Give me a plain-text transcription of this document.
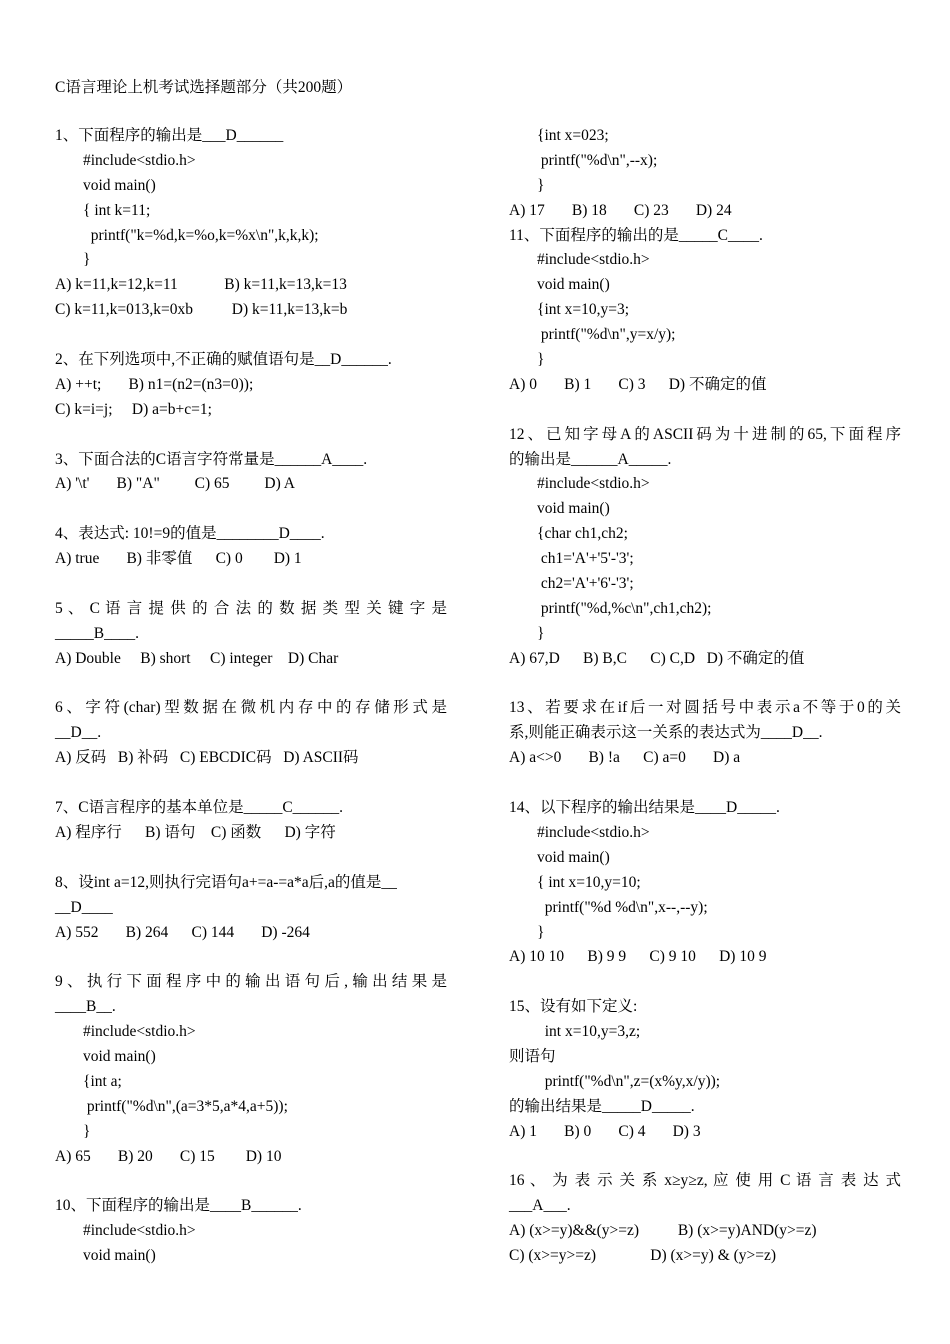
C语言理论上机考试选择题部分（共200题）
1、下面程序的输出是___D______
#include<stdio.h>
void main()
{ int k=11;
printf("k=%d,k=%o,k=%x\n",k,k,k);
}
A) k=11,k=12,k=11            B) k=11,k=13,k=13
C) k=11,k=013,k=0xb          D) k=11,k=13,k=b
2、在下列选项中,不正确的赋值语句是__D______.
A) ++t;       B) n1=(n2=(n3=0));
C) k=i=j;     D) a=b+c=1;
3、下面合法的C语言字符常量是______A____.
A) '\t'       B) "A"         C) 65         D) A
4、表达式: 10!=9的值是________D____.
A) true       B) 非零值      C) 0        D) 1
5 、 C 语 言 提 供 的 合 法 的 数 据 类 型 关 键 字 是
_____B____.
A) Double     B) short     C) integer    D) Char
6、字符(char)型数据在微机内存中的存储形式是
__D__.
A) 反码   B) 补码   C) EBCDIC码   D) ASCII码
7、C语言程序的基本单位是_____C______.
A) 程序行      B) 语句    C) 函数      D) 字符
8、设int a=12,则执行完语句a+=a-=a*a后,a的值是__
__D____
A) 552       B) 264      C) 144       D) -264
9、执行下面程序中的输出语句后,输出结果是
____B__.
#include<stdio.h>
void main()
{int a;
printf("%d\n",(a=3*5,a*4,a+5));
}
A) 65       B) 20       C) 15        D) 10
10、下面程序的输出是____B______.
#include<stdio.h>
void main()
{int x=023;
printf("%d\n",--x);
}
A) 17       B) 18       C) 23       D) 24
11、下面程序的输出的是_____C____.
#include<stdio.h>
void main()
{int x=10,y=3;
printf("%d\n",y=x/y);
}
A) 0       B) 1       C) 3      D) 不确定的值
12、已知字母A的ASCII码为十进制的65,下面程序
的输出是______A_____.
#include<stdio.h>
void main()
{char ch1,ch2;
ch1='A'+'5'-'3';
ch2='A'+'6'-'3';
printf("%d,%c\n",ch1,ch2);
}
A) 67,D      B) B,C      C) C,D   D) 不确定的值
13、若要求在if后一对圆括号中表示a不等于0的关
系,则能正确表示这一关系的表达式为____D__.
A) a<>0       B) !a      C) a=0       D) a
14、以下程序的输出结果是____D_____.
#include<stdio.h>
void main()
{ int x=10,y=10;
printf("%d %d\n",x--,--y);
}
A) 10 10      B) 9 9      C) 9 10      D) 10 9
15、设有如下定义:
int x=10,y=3,z;
则语句
printf("%d\n",z=(x%y,x/y));
的输出结果是_____D_____.
A) 1       B) 0       C) 4       D) 3
16 、 为 表 示 关 系 x≥y≥z, 应 使 用 C 语 言 表 达 式
___A___.
A) (x>=y)&&(y>=z)          B) (x>=y)AND(y>=z)
C) (x>=y>=z)              D) (x>=y) & (y>=z)
